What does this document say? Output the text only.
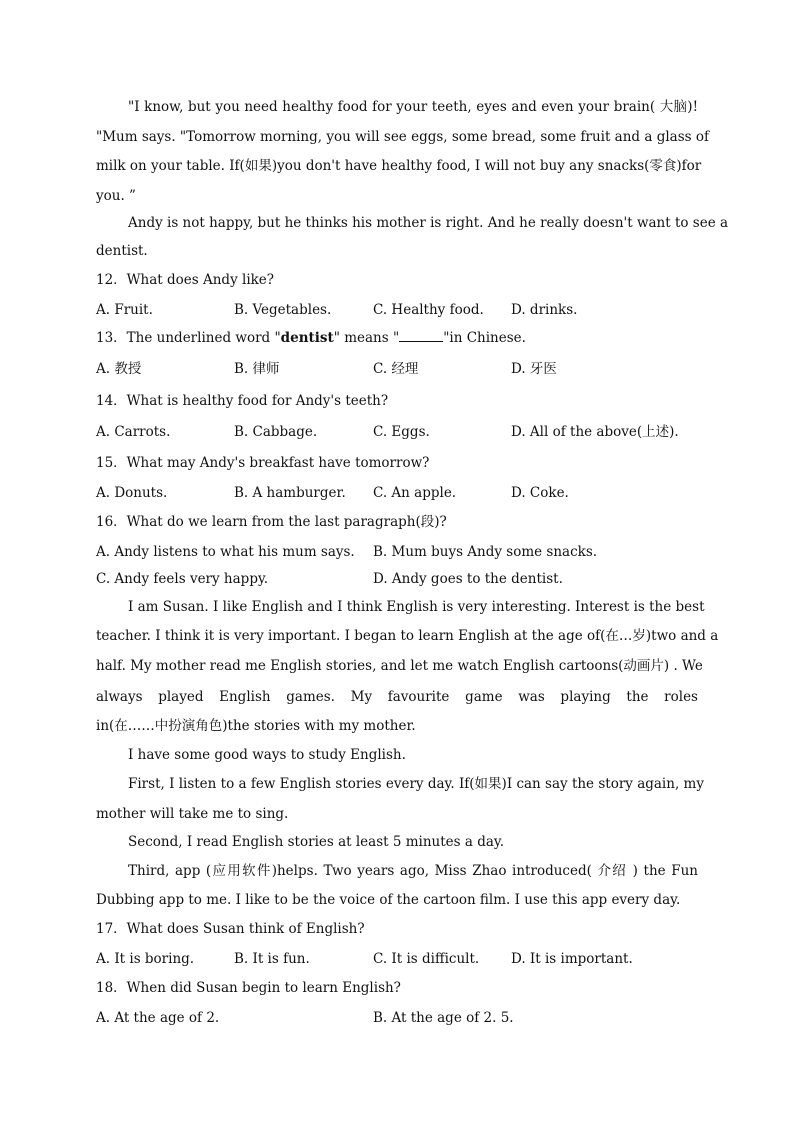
"I know, but you need healthy food for your teeth, eyes and even your brain( 大脑)!
"Mum says. "Tomorrow morning, you will see eggs, some bread, some fruit and a glass of
milk on your table. If(如果)you don't have healthy food, I will not buy any snacks(零食)for
you. ”
Andy is not happy, but he thinks his mother is right. And he really doesn't want to see a
dentist.
12．What does Andy like?
A. Fruit.	B. Vegetables.	C. Healthy food. D. drinks.
13．The underlined word "dentist" means "	"in Chinese.
A. 教授	B. 律师	C. 经理	D. 牙医
14．What is healthy food for Andy's teeth?
A. Carrots.	B. Cabbage.	C. Eggs.	D. All of the above(上述).
15．What may Andy's breakfast have tomorrow?
A. Donuts.	B. A hamburger. C. An apple.	D. Coke.
16．What do we learn from the last paragraph(段)?
A. Andy listens to what his mum says. B. Mum buys Andy some snacks.
C. Andy feels very happy.	D. Andy goes to the dentist.
I am Susan. I like English and I think English is very interesting. Interest is the best
teacher. I think it is very important. I began to learn English at the age of(在…岁)two and a
half. My mother read me English stories, and let me watch English cartoons(动画片) . We
always played English games. My favourite game was playing the roles
in(在……中扮演角色)the stories with my mother.
I have some good ways to study English.
First, I listen to a few English stories every day. If(如果)I can say the story again, my
mother will take me to sing.
Second, I read English stories at least 5 minutes a day.
Third, app (应用软件)helps. Two years ago, Miss Zhao introduced( 介绍 ) the Fun
Dubbing app to me. I like to be the voice of the cartoon film. I use this app every day.
17．What does Susan think of English?
A. It is boring.	B. It is fun.	C. It is difficult. D. It is important.
18．When did Susan begin to learn English?
A. At the age of 2.	B. At the age of 2. 5.
